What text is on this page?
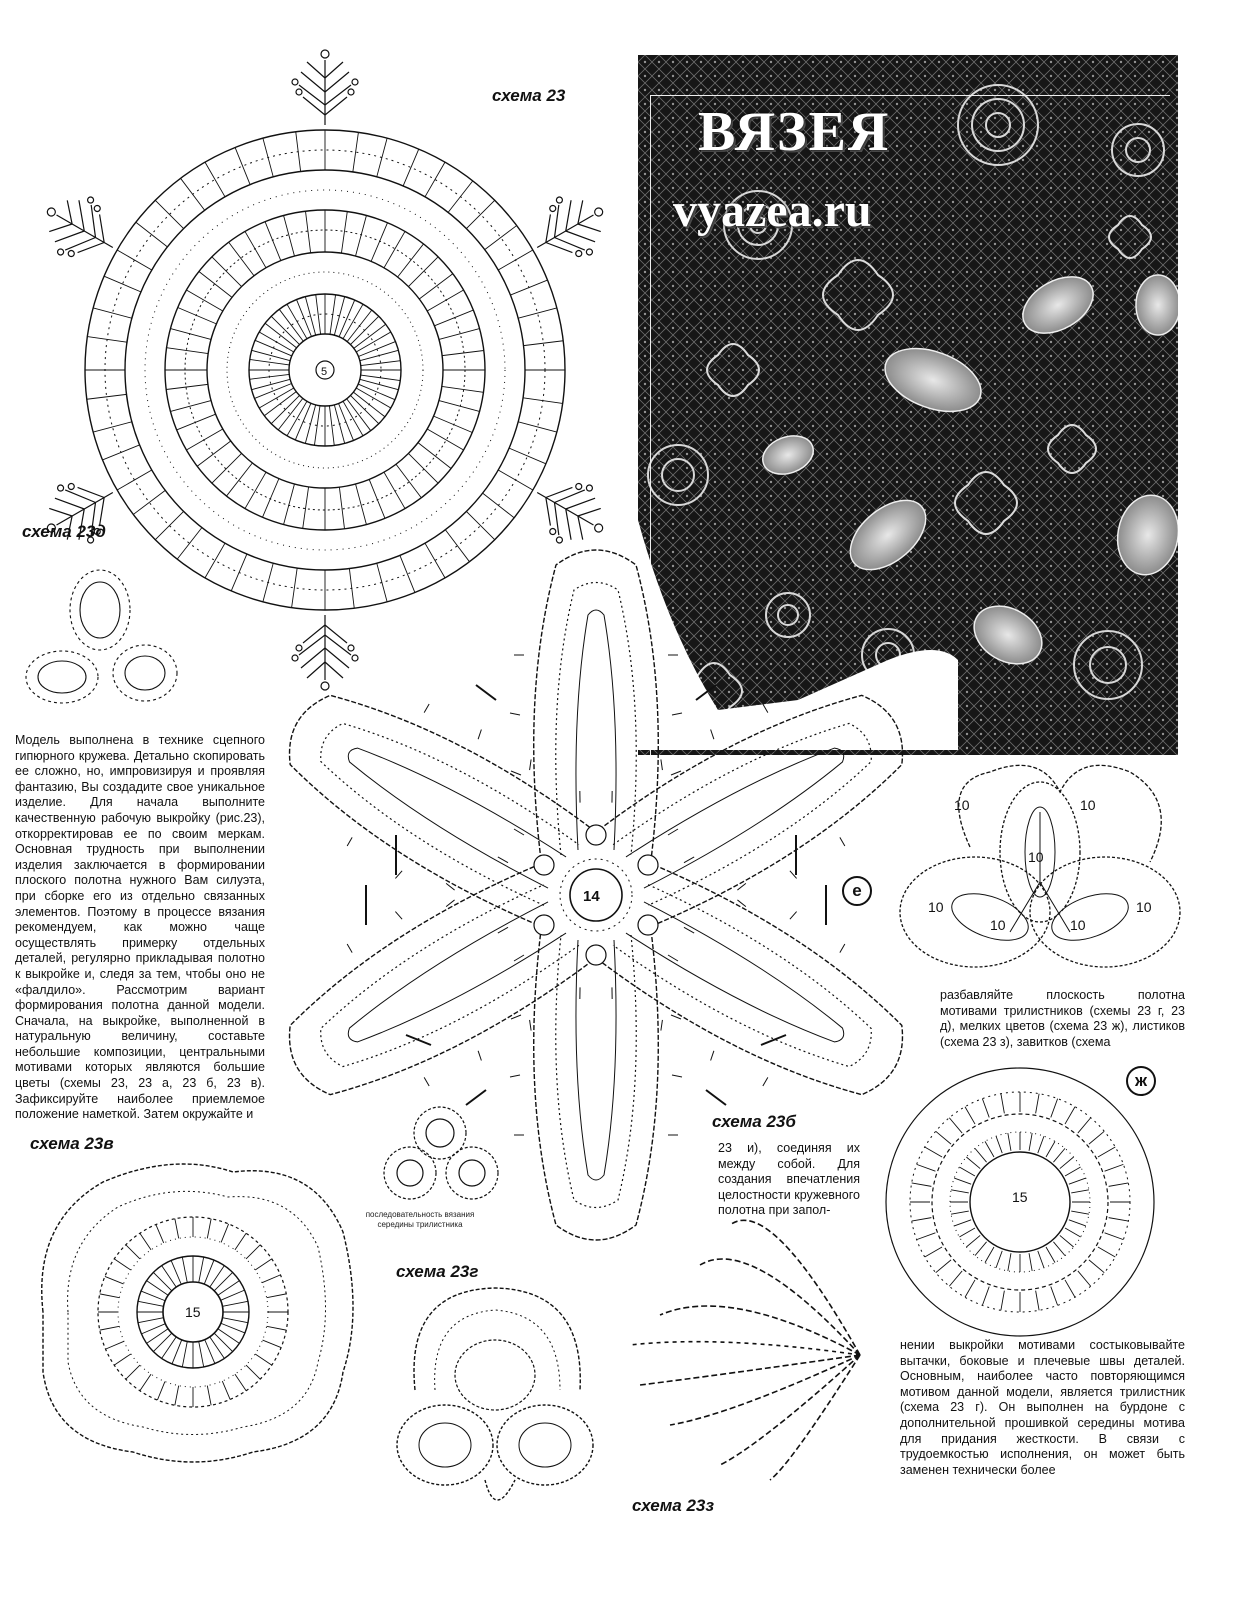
ВЯЗЕЯ
vyazea.ru
5
схема 23
схема 23д
Модель выполнена в технике сцепного гипюрного кружева. Детально скопировать ее сложно, но, импровизируя и проявляя фантазию, Вы создадите свое уникальное изделие. Для начала выполните качественную рабочую выкройку (рис.23), откорректировав ее по своим меркам. Основная трудность при выполнении изделия заключается в формировании плоского полотна нужного Вам силуэта, при сборке его из отдельно связанных элементов. Поэтому в процессе вязания рекомендуем, как можно чаще осуществлять примерку отдельных деталей, регулярно прикладывая полотно к выкройке и, следя за тем, чтобы оно не «фалдило». Рассмотрим вариант формирования полотна данной модели. Сначала, на выкройке, выполненной в натуральную величину, составьте небольшие композиции, центральными мотивами которых являются большие цветы (схемы 23, 23 а, 23 б, 23 в). Зафиксируйте наиболее приемлемое положение наметкой. Затем окружайте и
14
схема 23б
е
10	10
10
10	10
10	10
разбавляйте плоскость полотна мотивами трилистников (схемы 23 г, 23 д), мелких цветов (схема 23 ж), листиков (схема 23 з), завитков (схема
ж
15
23 и), соединяя их между собой. Для создания впечатления целостности кружевного полотна при запол-
последовательность вязания середины трилистника
схема 23в
15
схема 23г
схема 23з
нении выкройки мотивами состыковывайте вытачки, боковые и плечевые швы деталей. Основным, наиболее часто повторяющимся мотивом данной модели, является трилистник (схема 23 г). Он выполнен на бурдоне с дополнительной прошивкой середины мотива для придания жесткости. В связи с трудоемкостью исполнения, он может быть заменен технически более
